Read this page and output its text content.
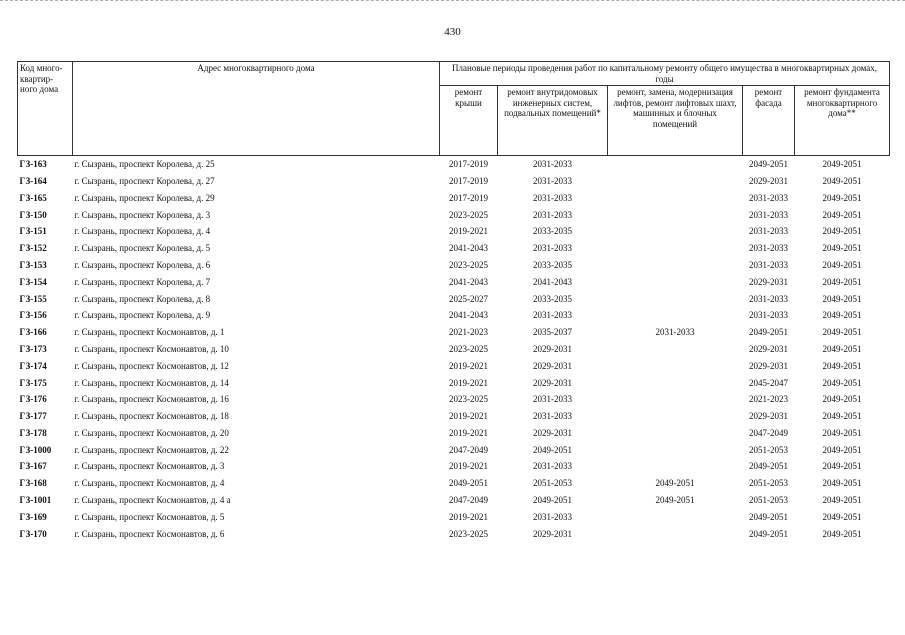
430
Код много-квартир-ного дома	Адрес многоквартирного дома	Плановые периоды проведения работ по капитальному ремонту общего имущества в многоквартирных домах, годы				
		ремонт крыши	ремонт внутридомовых инженерных систем, подвальных помещений*	ремонт, замена, модернизация лифтов, ремонт лифтовых шахт, машинных и блочных помещений	ремонт фасада	ремонт фундамента многоквартирного дома**
ГЗ-163	г. Сызрань, проспект Королева, д. 25	2017-2019	2031-2033		2049-2051	2049-2051
ГЗ-164	г. Сызрань, проспект Королева, д. 27	2017-2019	2031-2033		2029-2031	2049-2051
ГЗ-165	г. Сызрань, проспект Королева, д. 29	2017-2019	2031-2033		2031-2033	2049-2051
ГЗ-150	г. Сызрань, проспект Королева, д. 3	2023-2025	2031-2033		2031-2033	2049-2051
ГЗ-151	г. Сызрань, проспект Королева, д. 4	2019-2021	2033-2035		2031-2033	2049-2051
ГЗ-152	г. Сызрань, проспект Королева, д. 5	2041-2043	2031-2033		2031-2033	2049-2051
ГЗ-153	г. Сызрань, проспект Королева, д. 6	2023-2025	2033-2035		2031-2033	2049-2051
ГЗ-154	г. Сызрань, проспект Королева, д. 7	2041-2043	2041-2043		2029-2031	2049-2051
ГЗ-155	г. Сызрань, проспект Королева, д. 8	2025-2027	2033-2035		2031-2033	2049-2051
ГЗ-156	г. Сызрань, проспект Королева, д. 9	2041-2043	2031-2033		2031-2033	2049-2051
ГЗ-166	г. Сызрань, проспект Космонавтов, д. 1	2021-2023	2035-2037	2031-2033	2049-2051	2049-2051
ГЗ-173	г. Сызрань, проспект Космонавтов, д. 10	2023-2025	2029-2031		2029-2031	2049-2051
ГЗ-174	г. Сызрань, проспект Космонавтов, д. 12	2019-2021	2029-2031		2029-2031	2049-2051
ГЗ-175	г. Сызрань, проспект Космонавтов, д. 14	2019-2021	2029-2031		2045-2047	2049-2051
ГЗ-176	г. Сызрань, проспект Космонавтов, д. 16	2023-2025	2031-2033		2021-2023	2049-2051
ГЗ-177	г. Сызрань, проспект Космонавтов, д. 18	2019-2021	2031-2033		2029-2031	2049-2051
ГЗ-178	г. Сызрань, проспект Космонавтов, д. 20	2019-2021	2029-2031		2047-2049	2049-2051
ГЗ-1000	г. Сызрань, проспект Космонавтов, д. 22	2047-2049	2049-2051		2051-2053	2049-2051
ГЗ-167	г. Сызрань, проспект Космонавтов, д. 3	2019-2021	2031-2033		2049-2051	2049-2051
ГЗ-168	г. Сызрань, проспект Космонавтов, д. 4	2049-2051	2051-2053	2049-2051	2051-2053	2049-2051
ГЗ-1001	г. Сызрань, проспект Космонавтов, д. 4 а	2047-2049	2049-2051	2049-2051	2051-2053	2049-2051
ГЗ-169	г. Сызрань, проспект Космонавтов, д. 5	2019-2021	2031-2033		2049-2051	2049-2051
ГЗ-170	г. Сызрань, проспект Космонавтов, д. 6	2023-2025	2029-2031		2049-2051	2049-2051
